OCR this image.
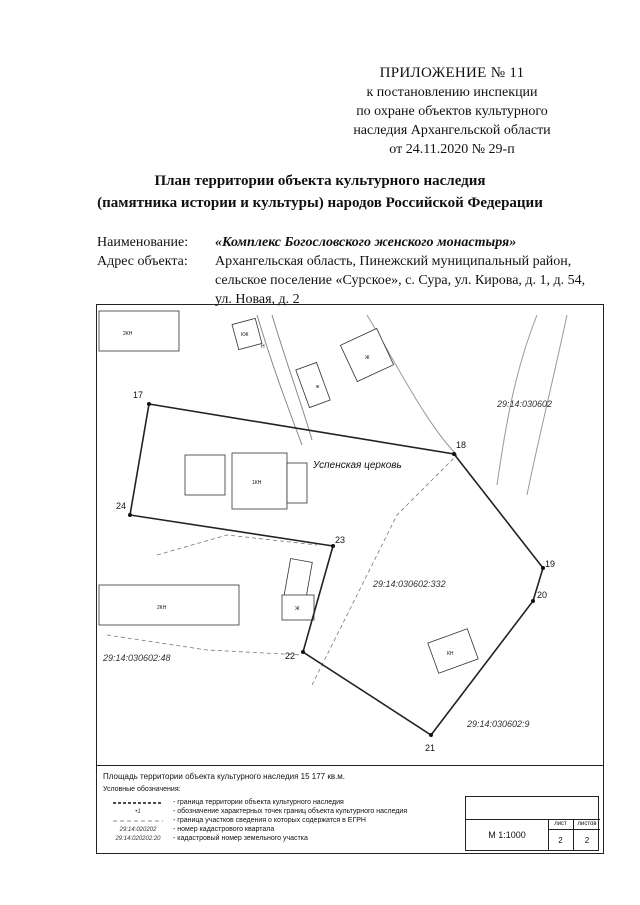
ПРИЛОЖЕНИЕ № 11
к постановлению инспекции
по охране объектов культурного
наследия Архангельской области
от 24.11.2020 № 29-п
План территории объекта культурного наследия
(памятника истории и культуры) народов Российской Федерации
Наименование:	«Комплекс Богословского женского монастыря»
Адрес объекта:	Архангельская область, Пинежский муниципальный район, сельское поселение «Сурское», с. Сура, ул. Кирова, д. 1, д. 54, ул. Новая, д. 2
17
18
19
20
21
22
23
24
Успенская церковь
29:14:030602
29:14:030602:332
29:14:030602:48
29:14:030602:9
2КН	КЖ
Н
ж
Ж
1КН
2КН	Ж
КН
Площадь территории объекта культурного наследия 15 177 кв.м.
Условные обозначения:
- граница территории объекта культурного наследия
•1	- обозначение характерных точек границ объекта культурного наследия
- граница участков сведения о которых содержатся в ЕГРН
29:14:020202	- номер кадастрового квартала
29:14:020202:20	- кадастровый номер земельного участка	М 1:1000
лист	листов
2	2
